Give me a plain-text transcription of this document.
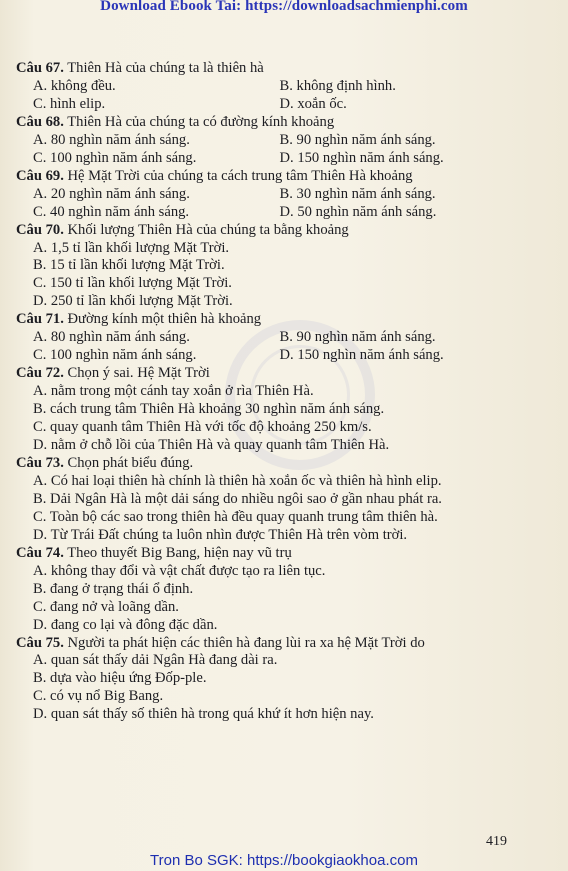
Download Ebook Tai: https://downloadsachmienphi.com
Câu 67. Thiên Hà của chúng ta là thiên hà
A. không đều.	B. không định hình.
C. hình elip.	D. xoắn ốc.
Câu 68. Thiên Hà của chúng ta có đường kính khoảng
A. 80 nghìn năm ánh sáng.	B. 90 nghìn năm ánh sáng.
C. 100 nghìn năm ánh sáng.	D. 150 nghìn năm ánh sáng.
Câu 69. Hệ Mặt Trời của chúng ta cách trung tâm Thiên Hà khoảng
A. 20 nghìn năm ánh sáng.	B. 30 nghìn năm ánh sáng.
C. 40 nghìn năm ánh sáng.	D. 50 nghìn năm ánh sáng.
Câu 70. Khối lượng Thiên Hà của chúng ta bằng khoảng
A. 1,5 tỉ lần khối lượng Mặt Trời.
B. 15 tỉ lần khối lượng Mặt Trời.
C. 150 tỉ lần khối lượng Mặt Trời.
D. 250 tỉ lần khối lượng Mặt Trời.
Câu 71. Đường kính một thiên hà khoảng
A. 80 nghìn năm ánh sáng.	B. 90 nghìn năm ánh sáng.
C. 100 nghìn năm ánh sáng.	D. 150 nghìn năm ánh sáng.
Câu 72. Chọn ý sai. Hệ Mặt Trời
A. nằm trong một cánh tay xoắn ở rìa Thiên Hà.
B. cách trung tâm Thiên Hà khoảng 30 nghìn năm ánh sáng.
C. quay quanh tâm Thiên Hà với tốc độ khoảng 250 km/s.
D. nằm ở chỗ lồi của Thiên Hà và quay quanh tâm Thiên Hà.
Câu 73. Chọn phát biểu đúng.
A. Có hai loại thiên hà chính là thiên hà xoắn ốc và thiên hà hình elip.
B. Dải Ngân Hà là một dải sáng do nhiều ngôi sao ở gần nhau phát ra.
C. Toàn bộ các sao trong thiên hà đều quay quanh trung tâm thiên hà.
D. Từ Trái Đất chúng ta luôn nhìn được Thiên Hà trên vòm trời.
Câu 74. Theo thuyết Big Bang, hiện nay vũ trụ
A. không thay đổi và vật chất được tạo ra liên tục.
B. đang ở trạng thái ổ định.
C. đang nở và loãng dần.
D. đang co lại và đông đặc dần.
Câu 75. Người ta phát hiện các thiên hà đang lùi ra xa hệ Mặt Trời do
A. quan sát thấy dải Ngân Hà đang dài ra.
B. dựa vào hiệu ứng Đốp-ple.
C. có vụ nổ Big Bang.
D. quan sát thấy số thiên hà trong quá khứ ít hơn hiện nay.
419
Tron Bo SGK: https://bookgiaokhoa.com
